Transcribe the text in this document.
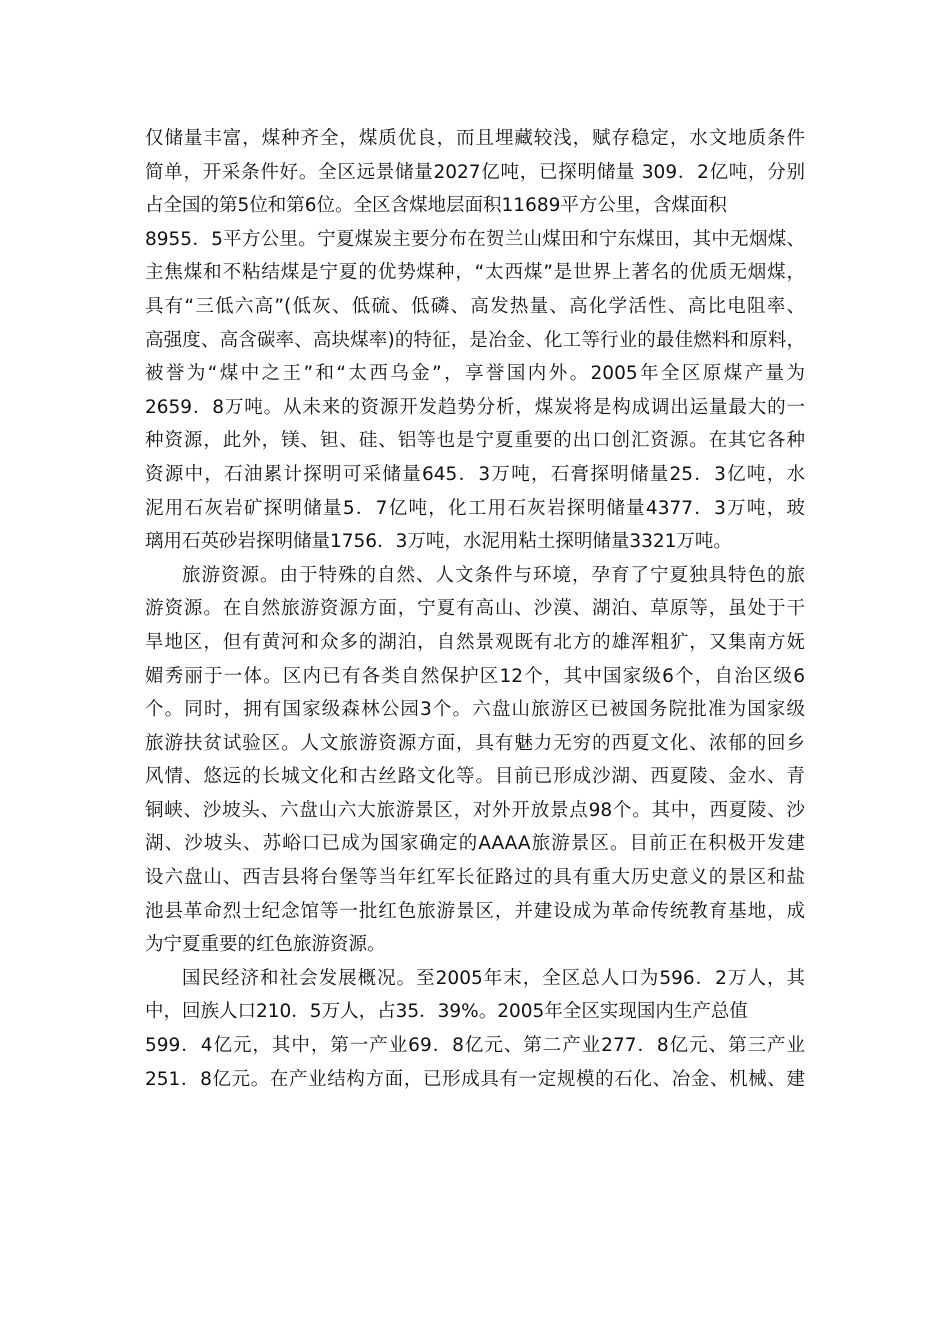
仅储量丰富，煤种齐全，煤质优良，而且埋藏较浅，赋存稳定，水文地质条件
简单，开采条件好。全区远景储量2027亿吨，已探明储量 309．2亿吨，分别
占全国的第5位和第6位。全区含煤地层面积11689平方公里，含煤面积
8955．5平方公里。宁夏煤炭主要分布在贺兰山煤田和宁东煤田，其中无烟煤、
主焦煤和不粘结煤是宁夏的优势煤种，“太西煤”是世界上著名的优质无烟煤，
具有“三低六高”(低灰、低硫、低磷、高发热量、高化学活性、高比电阻率、
高强度、高含碳率、高块煤率)的特征，是冶金、化工等行业的最佳燃料和原料，
被誉为“煤中之王”和“太西乌金”，享誉国内外。2005年全区原煤产量为
2659．8万吨。从未来的资源开发趋势分析，煤炭将是构成调出运量最大的一
种资源，此外，镁、钽、硅、铝等也是宁夏重要的出口创汇资源。在其它各种
资源中，石油累计探明可采储量645．3万吨，石膏探明储量25．3亿吨，水
泥用石灰岩矿探明储量5．7亿吨，化工用石灰岩探明储量4377．3万吨，玻
璃用石英砂岩探明储量1756．3万吨，水泥用粘土探明储量3321万吨。
旅游资源。由于特殊的自然、人文条件与环境，孕育了宁夏独具特色的旅
游资源。在自然旅游资源方面，宁夏有高山、沙漠、湖泊、草原等，虽处于干
旱地区，但有黄河和众多的湖泊，自然景观既有北方的雄浑粗犷，又集南方妩
媚秀丽于一体。区内已有各类自然保护区12个，其中国家级6个，自治区级6
个。同时，拥有国家级森林公园3个。六盘山旅游区已被国务院批准为国家级
旅游扶贫试验区。人文旅游资源方面，具有魅力无穷的西夏文化、浓郁的回乡
风情、悠远的长城文化和古丝路文化等。目前已形成沙湖、西夏陵、金水、青
铜峡、沙坡头、六盘山六大旅游景区，对外开放景点98个。其中，西夏陵、沙
湖、沙坡头、苏峪口已成为国家确定的AAAA旅游景区。目前正在积极开发建
设六盘山、西吉县将台堡等当年红军长征路过的具有重大历史意义的景区和盐
池县革命烈士纪念馆等一批红色旅游景区，并建设成为革命传统教育基地，成
为宁夏重要的红色旅游资源。
国民经济和社会发展概况。至2005年末，全区总人口为596．2万人，其
中，回族人口210．5万人，占35．39%。2005年全区实现国内生产总值
599．4亿元，其中，第一产业69．8亿元、第二产业277．8亿元、第三产业
251．8亿元。在产业结构方面，已形成具有一定规模的石化、冶金、机械、建
